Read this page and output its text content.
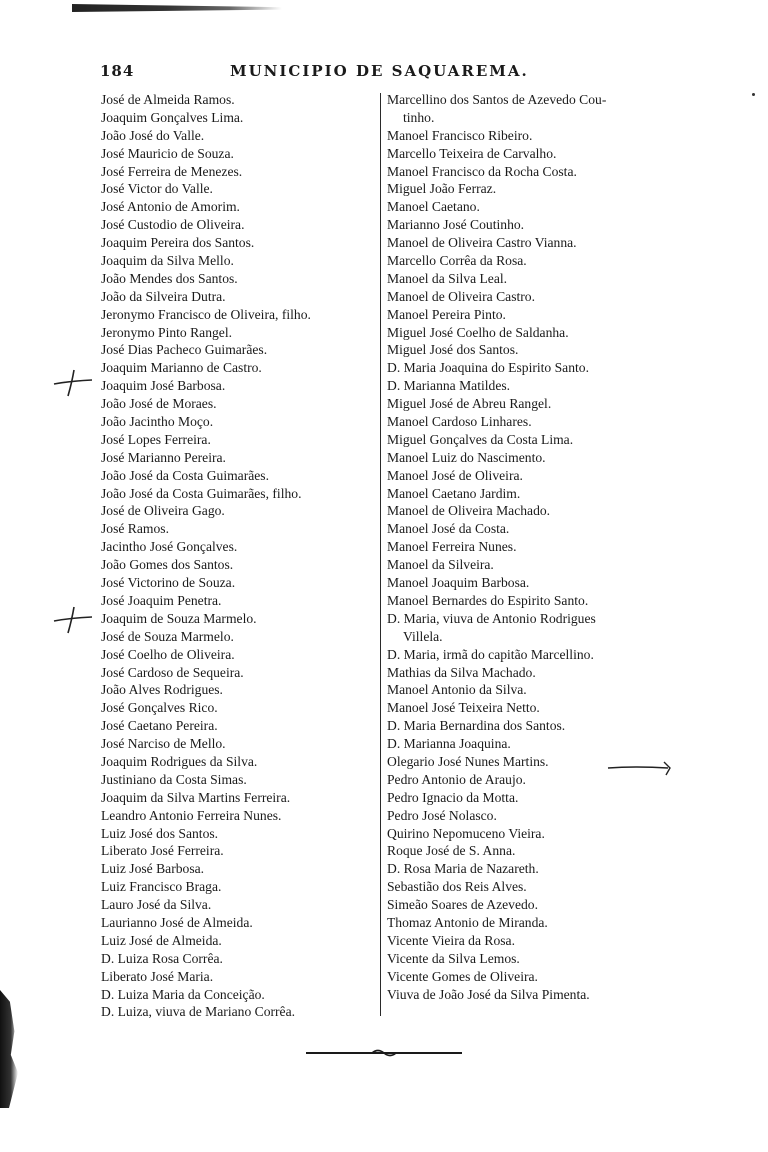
184	MUNICIPIO DE SAQUAREMA.
José de Almeida Ramos.
Joaquim Gonçalves Lima.
João José do Valle.
José Mauricio de Souza.
José Ferreira de Menezes.
José Victor do Valle.
José Antonio de Amorim.
José Custodio de Oliveira.
Joaquim Pereira dos Santos.
Joaquim da Silva Mello.
João Mendes dos Santos.
João da Silveira Dutra.
Jeronymo Francisco de Oliveira, filho.
Jeronymo Pinto Rangel.
José Dias Pacheco Guimarães.
Joaquim Marianno de Castro.
Joaquim José Barbosa.
João José de Moraes.
João Jacintho Moço.
José Lopes Ferreira.
José Marianno Pereira.
João José da Costa Guimarães.
João José da Costa Guimarães, filho.
José de Oliveira Gago.
José Ramos.
Jacintho José Gonçalves.
João Gomes dos Santos.
José Victorino de Souza.
José Joaquim Penetra.
Joaquim de Souza Marmelo.
José de Souza Marmelo.
José Coelho de Oliveira.
José Cardoso de Sequeira.
João Alves Rodrigues.
José Gonçalves Rico.
José Caetano Pereira.
José Narciso de Mello.
Joaquim Rodrigues da Silva.
Justiniano da Costa Simas.
Joaquim da Silva Martins Ferreira.
Leandro Antonio Ferreira Nunes.
Luiz José dos Santos.
Liberato José Ferreira.
Luiz José Barbosa.
Luiz Francisco Braga.
Lauro José da Silva.
Laurianno José de Almeida.
Luiz José de Almeida.
D. Luiza Rosa Corrêa.
Liberato José Maria.
D. Luiza Maria da Conceição.
D. Luiza, viuva de Mariano Corrêa.
Marcellino dos Santos de Azevedo Cou-
tinho.
Manoel Francisco Ribeiro.
Marcello Teixeira de Carvalho.
Manoel Francisco da Rocha Costa.
Miguel João Ferraz.
Manoel Caetano.
Marianno José Coutinho.
Manoel de Oliveira Castro Vianna.
Marcello Corrêa da Rosa.
Manoel da Silva Leal.
Manoel de Oliveira Castro.
Manoel Pereira Pinto.
Miguel José Coelho de Saldanha.
Miguel José dos Santos.
D. Maria Joaquina do Espirito Santo.
D. Marianna Matildes.
Miguel José de Abreu Rangel.
Manoel Cardoso Linhares.
Miguel Gonçalves da Costa Lima.
Manoel Luiz do Nascimento.
Manoel José de Oliveira.
Manoel Caetano Jardim.
Manoel de Oliveira Machado.
Manoel José da Costa.
Manoel Ferreira Nunes.
Manoel da Silveira.
Manoel Joaquim Barbosa.
Manoel Bernardes do Espirito Santo.
D. Maria, viuva de Antonio Rodrigues
Villela.
D. Maria, irmã do capitão Marcellino.
Mathias da Silva Machado.
Manoel Antonio da Silva.
Manoel José Teixeira Netto.
D. Maria Bernardina dos Santos.
D. Marianna Joaquina.
Olegario José Nunes Martins.
Pedro Antonio de Araujo.
Pedro Ignacio da Motta.
Pedro José Nolasco.
Quirino Nepomuceno Vieira.
Roque José de S. Anna.
D. Rosa Maria de Nazareth.
Sebastião dos Reis Alves.
Simeão Soares de Azevedo.
Thomaz Antonio de Miranda.
Vicente Vieira da Rosa.
Vicente da Silva Lemos.
Vicente Gomes de Oliveira.
Viuva de João José da Silva Pimenta.
